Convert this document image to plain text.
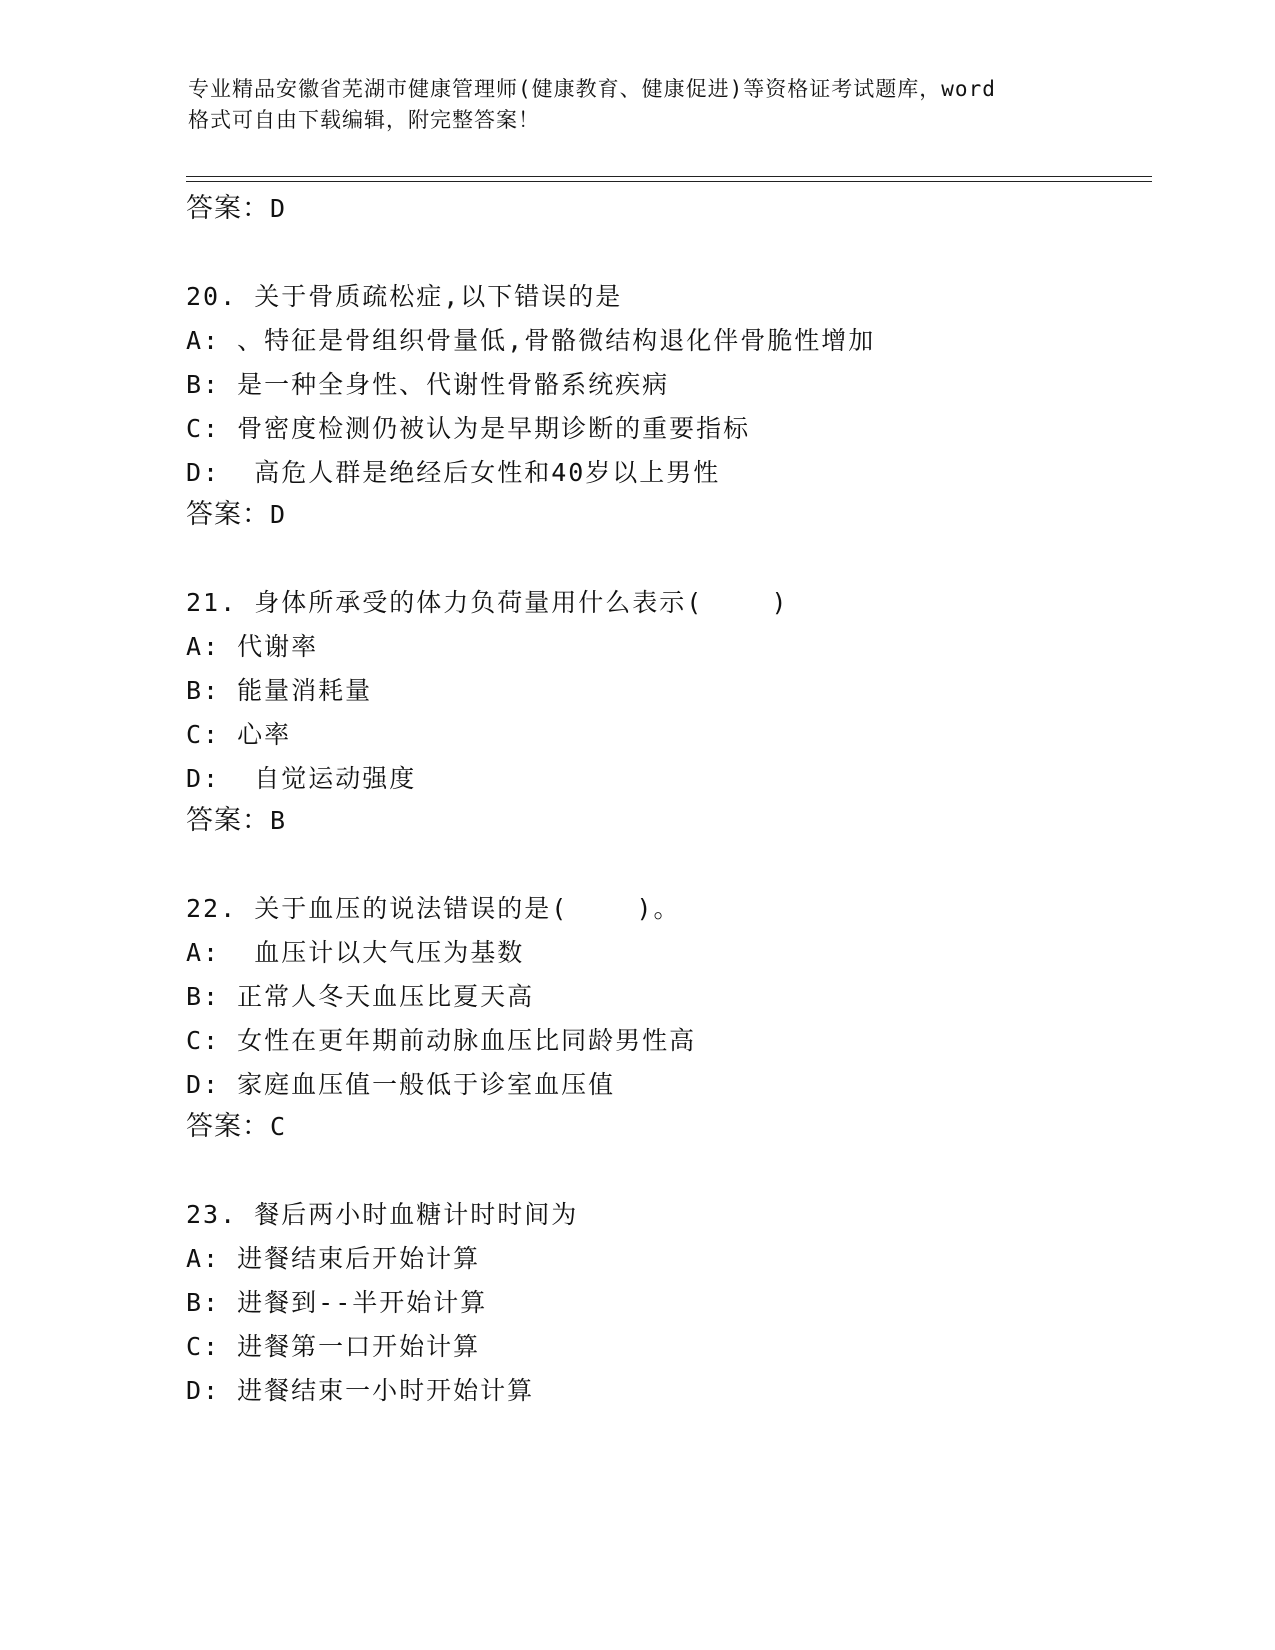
专业精品安徽省芜湖市健康管理师(健康教育、健康促进)等资格证考试题库，word
格式可自由下载编辑，附完整答案！
答案：D
20. 关于骨质疏松症,以下错误的是
A: 、特征是骨组织骨量低,骨骼微结构退化伴骨脆性增加
B: 是一种全身性、代谢性骨骼系统疾病
C: 骨密度检测仍被认为是早期诊断的重要指标
D:  高危人群是绝经后女性和40岁以上男性
答案：D
21. 身体所承受的体力负荷量用什么表示(    )
A: 代谢率
B: 能量消耗量
C: 心率
D:  自觉运动强度
答案：B
22. 关于血压的说法错误的是(    )。
A:  血压计以大气压为基数
B: 正常人冬天血压比夏天高
C: 女性在更年期前动脉血压比同龄男性高
D: 家庭血压值一般低于诊室血压值
答案：C
23. 餐后两小时血糖计时时间为
A: 进餐结束后开始计算
B: 进餐到--半开始计算
C: 进餐第一口开始计算
D: 进餐结束一小时开始计算
